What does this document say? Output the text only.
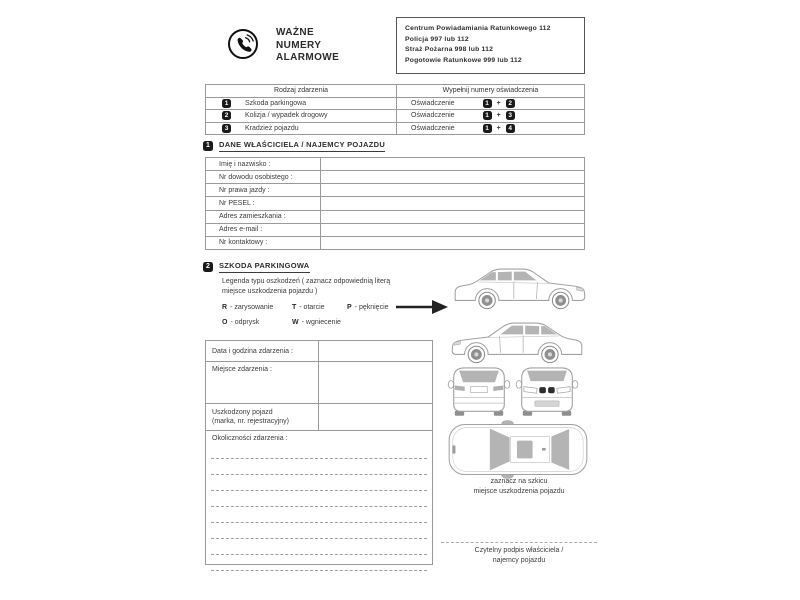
WAŻNE
NUMERY
ALARMOWE
Centrum Powiadamiania Ratunkowego 112
Policja 997 lub 112
Straż Pożarna 998 lub 112
Pogotowie Ratunkowe 999 lub 112
Rodzaj zdarzenia	Wypełnij numery oświadczenia
1	Szkoda parkingowa	Oświadczenie	1	+	2
2	Kolizja / wypadek drogowy	Oświadczenie	1	+	3
3	Kradzież pojazdu	Oświadczenie	1	+	4
1	DANE WŁAŚCICIELA / NAJEMCY POJAZDU
Imię i nazwisko :
Nr dowodu osobistego :
Nr prawa jazdy :
Nr PESEL :
Adres zamieszkania :
Adres e-mail :
Nr kontaktowy :
2	SZKODA PARKINGOWA
Legenda typu oszkodzeń ( zaznacz odpowiednią literą miejsce uszkodzenia pojazdu )
R - zarysowanie	T - otarcie	P - pęknięcie
O - odprysk	W - wgniecenie
Data i godzina zdarzenia :
Miejsce zdarzenia :
Uszkodzony pojazd
(marka, nr. rejestracyjny)
Okoliczności zdarzenia :
zaznacz na szkicu
miejsce uszkodzenia pojazdu
Czytelny podpis właściciela /
najemcy pojazdu
